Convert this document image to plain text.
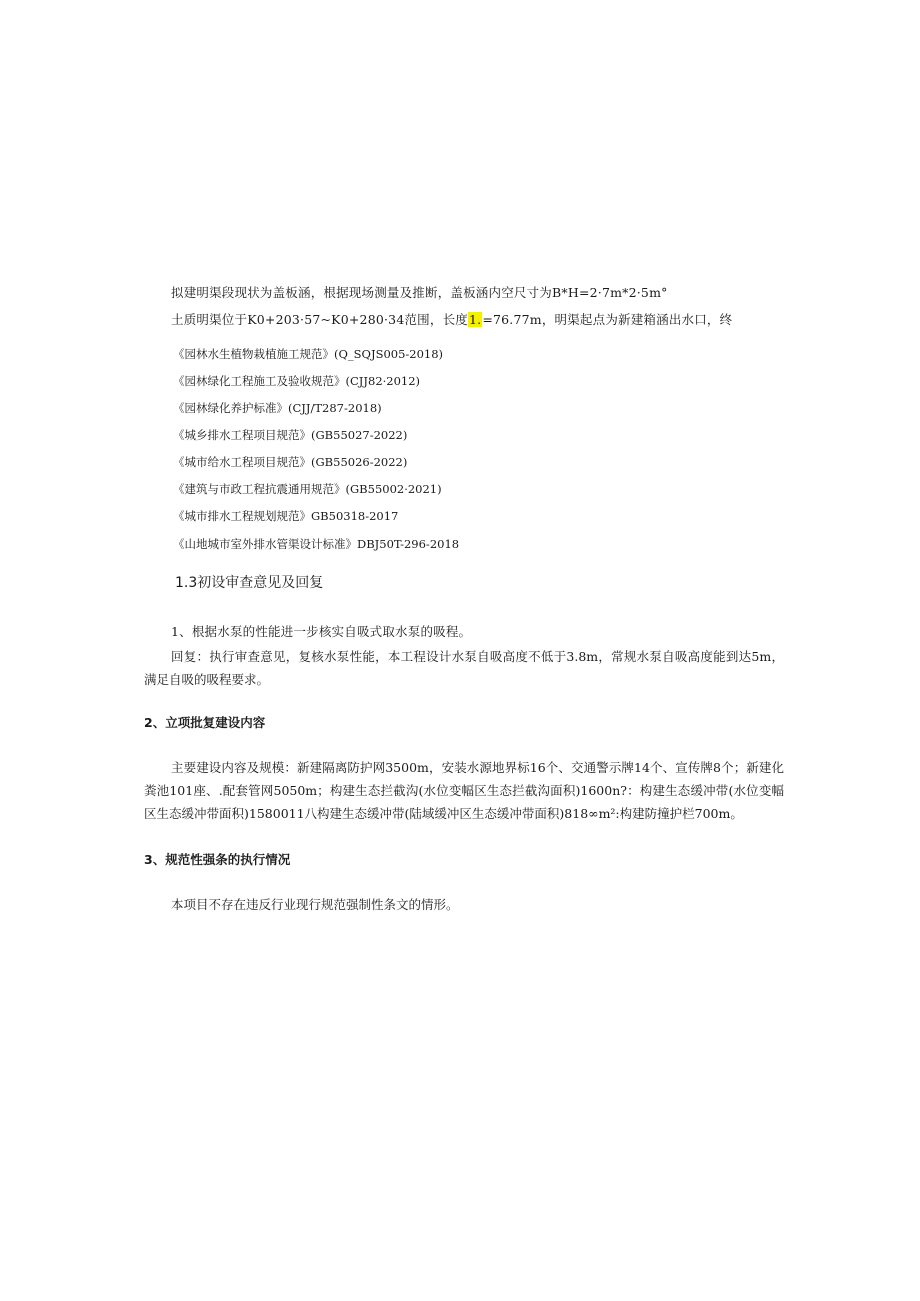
拟建明渠段现状为盖板涵，根据现场测量及推断，盖板涵内空尺寸为B*H=2·7m*2·5m°
土质明渠位于K0+203·57~K0+280·34范围，长度1.=76.77m，明渠起点为新建箱涵出水口，终
《园林水生植物栽植施工规范》(Q_SQJS005-2018)
《园林绿化工程施工及验收规范》(CJJ82·2012)
《园林绿化养护标准》(CJJ/T287-2018)
《城乡排水工程项目规范》(GB55027-2022)
《城市给水工程项目规范》(GB55026-2022)
《建筑与市政工程抗震通用规范》(GB55002·2021)
《城市排水工程规划规范》GB50318-2017
《山地城市室外排水管渠设计标准》DBJ50T-296-2018
1.3初设审查意见及回复
1、根据水泵的性能进一步核实自吸式取水泵的吸程。
回复：执行审查意见，复核水泵性能，本工程设计水泵自吸高度不低于3.8m，常规水泵自吸高度能到达5m，满足自吸的吸程要求。
2、立项批复建设内容
主要建设内容及规模：新建隔离防护网3500m，安装水源地界标16个、交通警示牌14个、宣传牌8个；新建化粪池101座、.配套管网5050m；构建生态拦截沟(水位变幅区生态拦截沟面积)1600n?：构建生态缓冲带(水位变幅区生态缓冲带面积)1580011八构建生态缓冲带(陆域缓冲区生态缓冲带面积)818∞m²:构建防撞护栏700m。
3、规范性强条的执行情况
本项目不存在违反行业现行规范强制性条文的情形。
